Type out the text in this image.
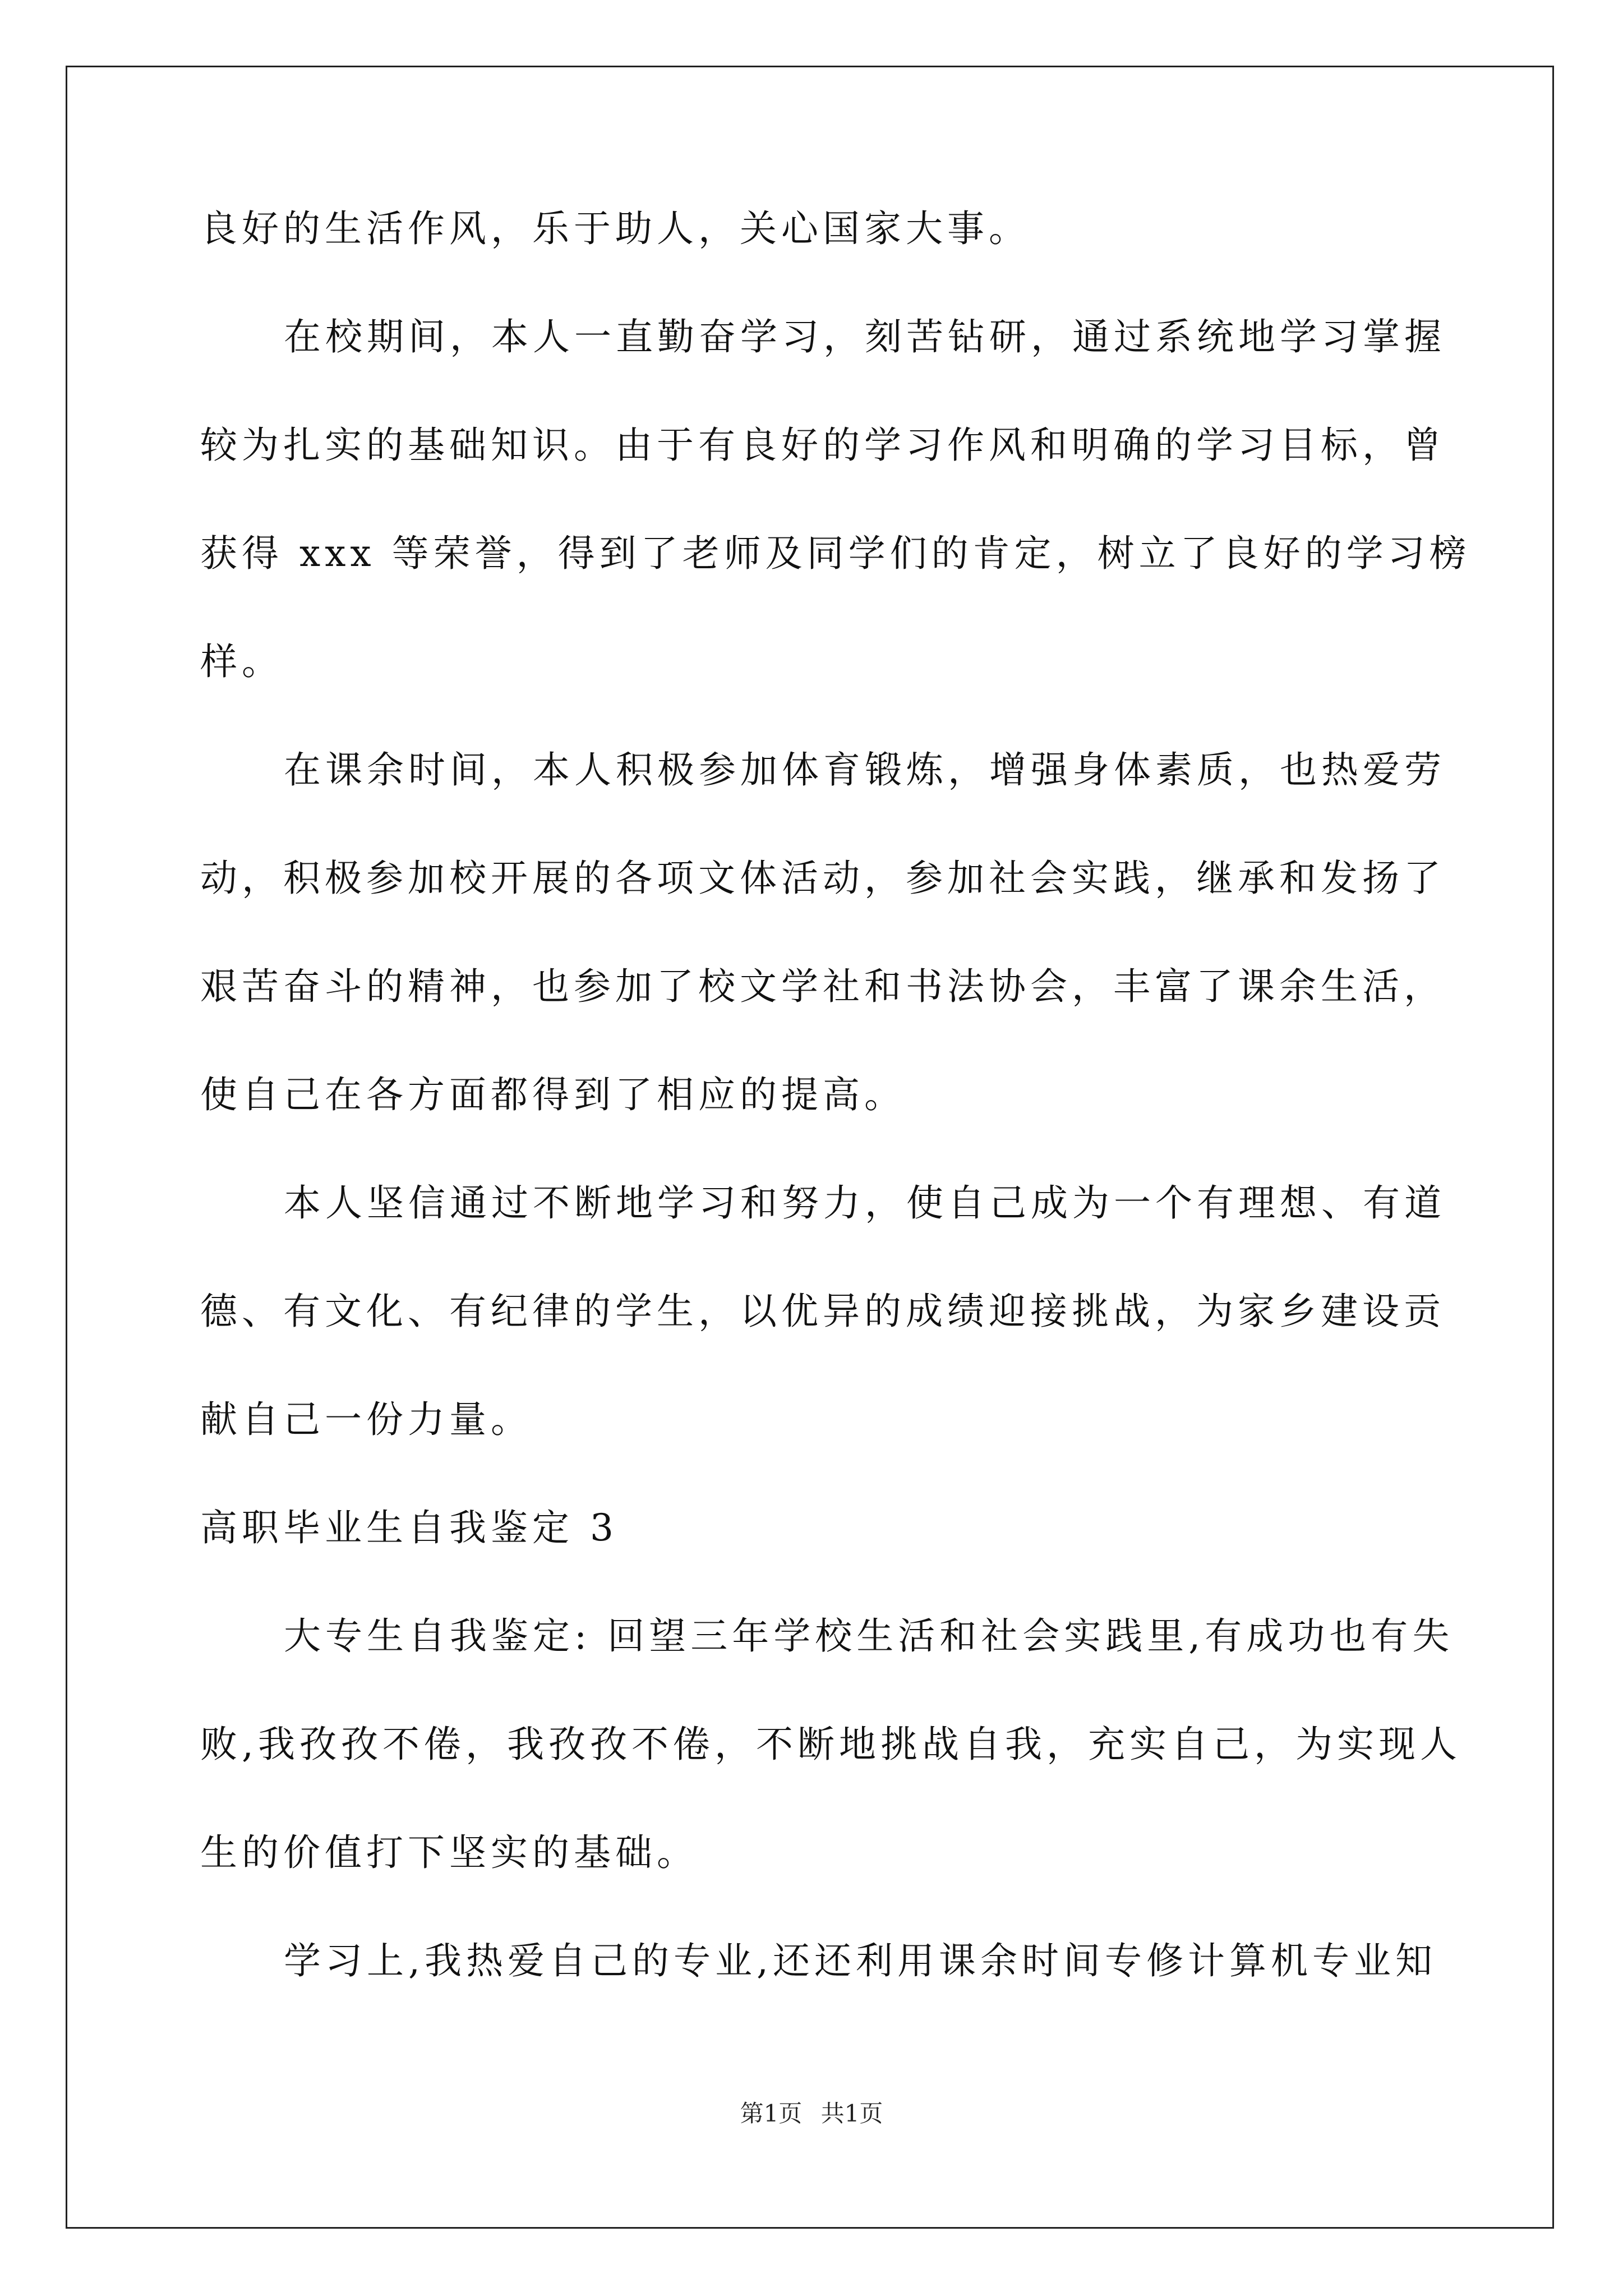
良好的生活作风，乐于助人，关心国家大事。
在校期间，本人一直勤奋学习，刻苦钻研，通过系统地学习掌握
较为扎实的基础知识。由于有良好的学习作风和明确的学习目标，曾
获得 xxx 等荣誉，得到了老师及同学们的肯定，树立了良好的学习榜
样。
在课余时间，本人积极参加体育锻炼，增强身体素质，也热爱劳
动，积极参加校开展的各项文体活动，参加社会实践，继承和发扬了
艰苦奋斗的精神，也参加了校文学社和书法协会，丰富了课余生活，
使自己在各方面都得到了相应的提高。
本人坚信通过不断地学习和努力，使自己成为一个有理想、有道
德、有文化、有纪律的学生，以优异的成绩迎接挑战，为家乡建设贡
献自己一份力量。
高职毕业生自我鉴定 3
大专生自我鉴定: 回望三年学校生活和社会实践里,有成功也有失
败,我孜孜不倦，我孜孜不倦，不断地挑战自我，充实自己，为实现人
生的价值打下坚实的基础。
学习上,我热爱自己的专业,还还利用课余时间专修计算机专业知
第1页 共1页
